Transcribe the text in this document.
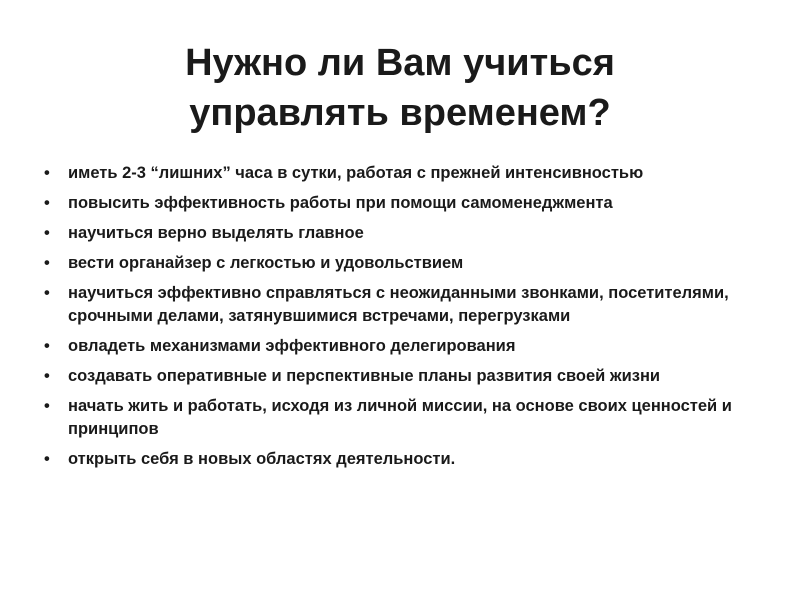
Нужно ли Вам учиться
управлять временем?
•	иметь 2-3 “лишних” часа в сутки, работая с прежней интенсивностью
•	повысить эффективность работы при помощи самоменеджмента
•	научиться верно выделять главное
•	вести органайзер с легкостью и удовольствием
•	научиться эффективно справляться с неожиданными звонками, посетителями, срочными делами, затянувшимися встречами, перегрузками
•	овладеть механизмами эффективного делегирования
•	создавать оперативные и перспективные планы развития своей жизни
•	начать жить и работать, исходя из личной миссии, на основе своих ценностей и принципов
•	открыть себя в новых областях деятельности.
